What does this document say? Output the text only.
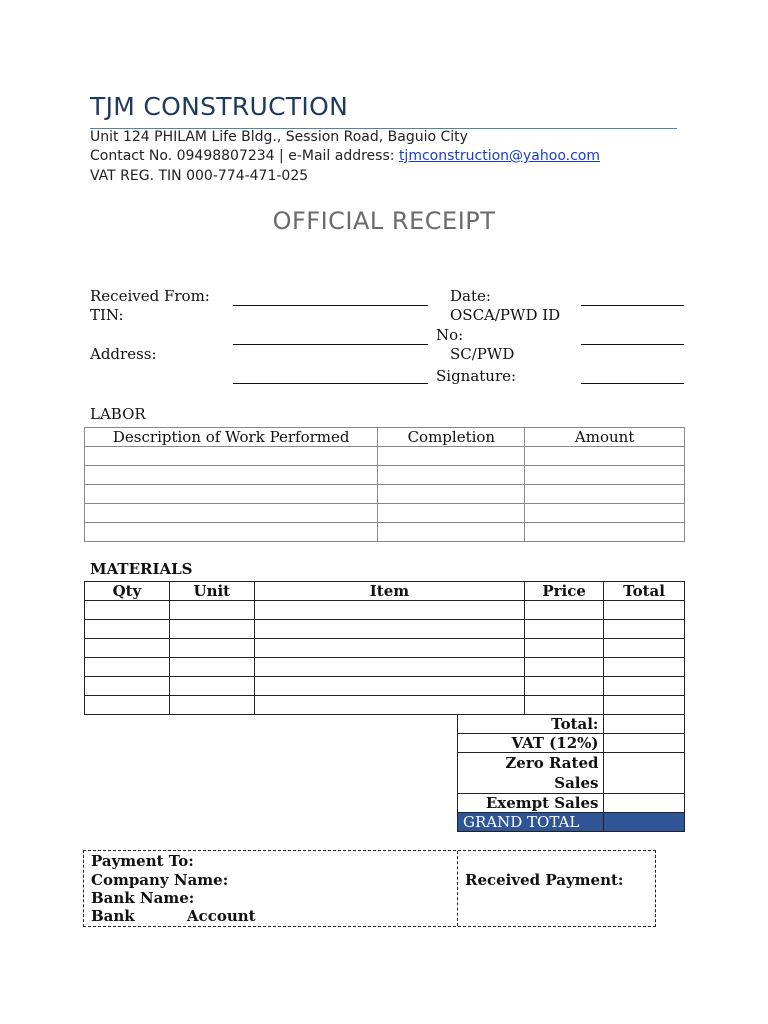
TJM CONSTRUCTION
Unit 124 PHILAM Life Bldg., Session Road, Baguio City
Contact No. 09498807234 | e-Mail address: tjmconstruction@yahoo.com
VAT REG. TIN 000-774-471-025
OFFICIAL RECEIPT
Received From:
TIN:
Address:
Date:
OSCA/PWD ID
No:
SC/PWD
Signature:
LABOR
Description of Work Performed	Completion	Amount

MATERIALS
Qty	Unit	Item	Price	Total

Total:	
VAT (12%)	

Zero Rated
Sales	

Exempt Sales	
GRAND TOTAL	
Payment To:
Company Name:
Bank Name:
Bank          Account
Received Payment:
